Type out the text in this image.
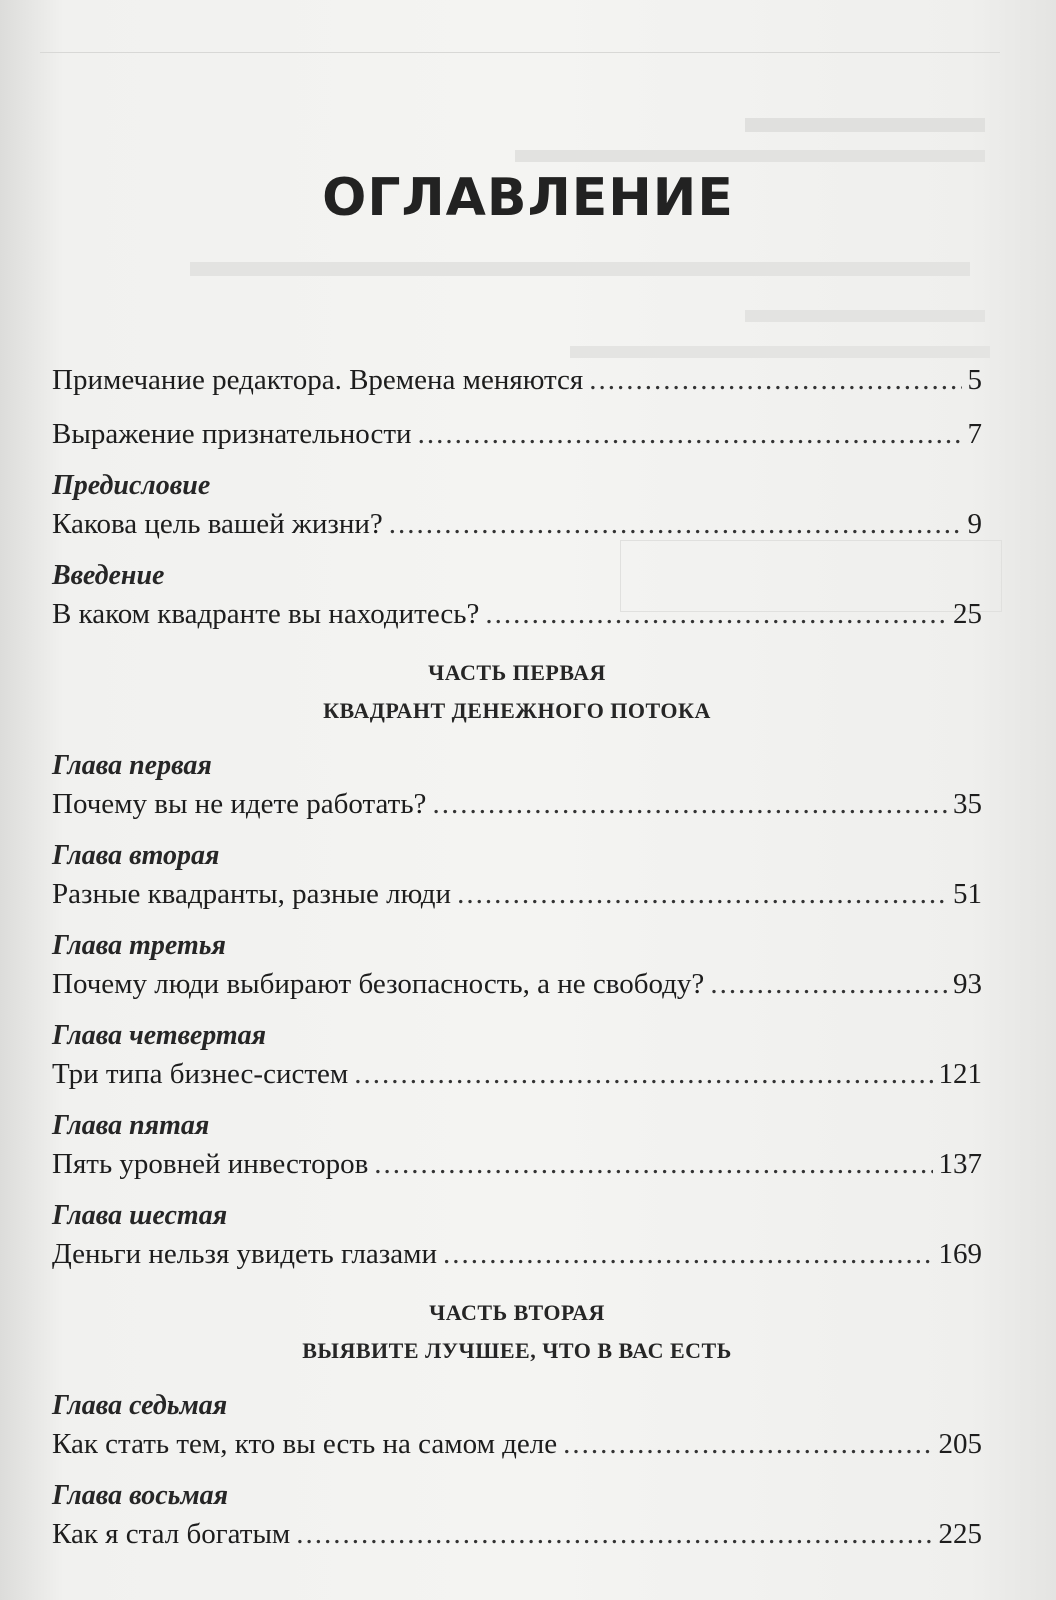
ОГЛАВЛЕНИЕ
Примечание редактора. Времена меняются .....	5
Выражение признательности .....	7
Предисловие
Какова цель вашей жизни? .....	9
Введение
В каком квадранте вы находитесь? .....	25
ЧАСТЬ ПЕРВАЯ
КВАДРАНТ ДЕНЕЖНОГО ПОТОКА
Глава первая
Почему вы не идете работать? .....	35
Глава вторая
Разные квадранты, разные люди .....	51
Глава третья
Почему люди выбирают безопасность, а не свободу? .....	93
Глава четвертая
Три типа бизнес-систем .....	121
Глава пятая
Пять уровней инвесторов .....	137
Глава шестая
Деньги нельзя увидеть глазами .....	169
ЧАСТЬ ВТОРАЯ
ВЫЯВИТЕ ЛУЧШЕЕ, ЧТО В ВАС ЕСТЬ
Глава седьмая
Как стать тем, кто вы есть на самом деле .....	205
Глава восьмая
Как я стал богатым .....	225
